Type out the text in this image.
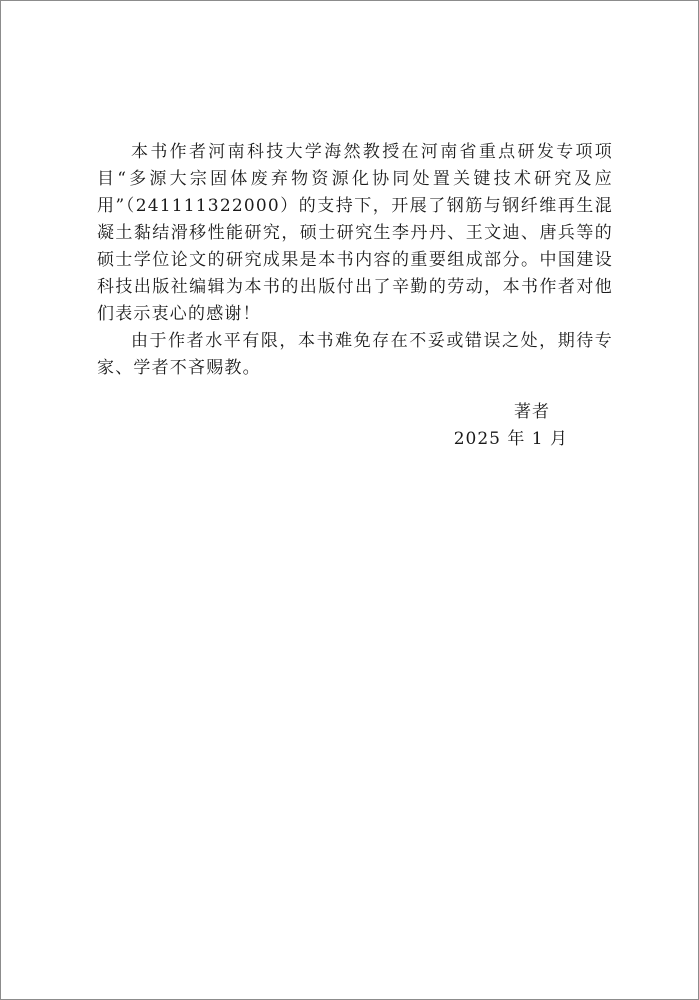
本书作者河南科技大学海然教授在河南省重点研发专项项目“多源大宗固体废弃物资源化协同处置关键技术研究及应用”（241111322000）的支持下，开展了钢筋与钢纤维再生混凝土黏结滑移性能研究，硕士研究生李丹丹、王文迪、唐兵等的硕士学位论文的研究成果是本书内容的重要组成部分。中国建设科技出版社编辑为本书的出版付出了辛勤的劳动，本书作者对他们表示衷心的感谢！

由于作者水平有限，本书难免存在不妥或错误之处，期待专家、学者不吝赐教。

著者
2025 年 1 月
